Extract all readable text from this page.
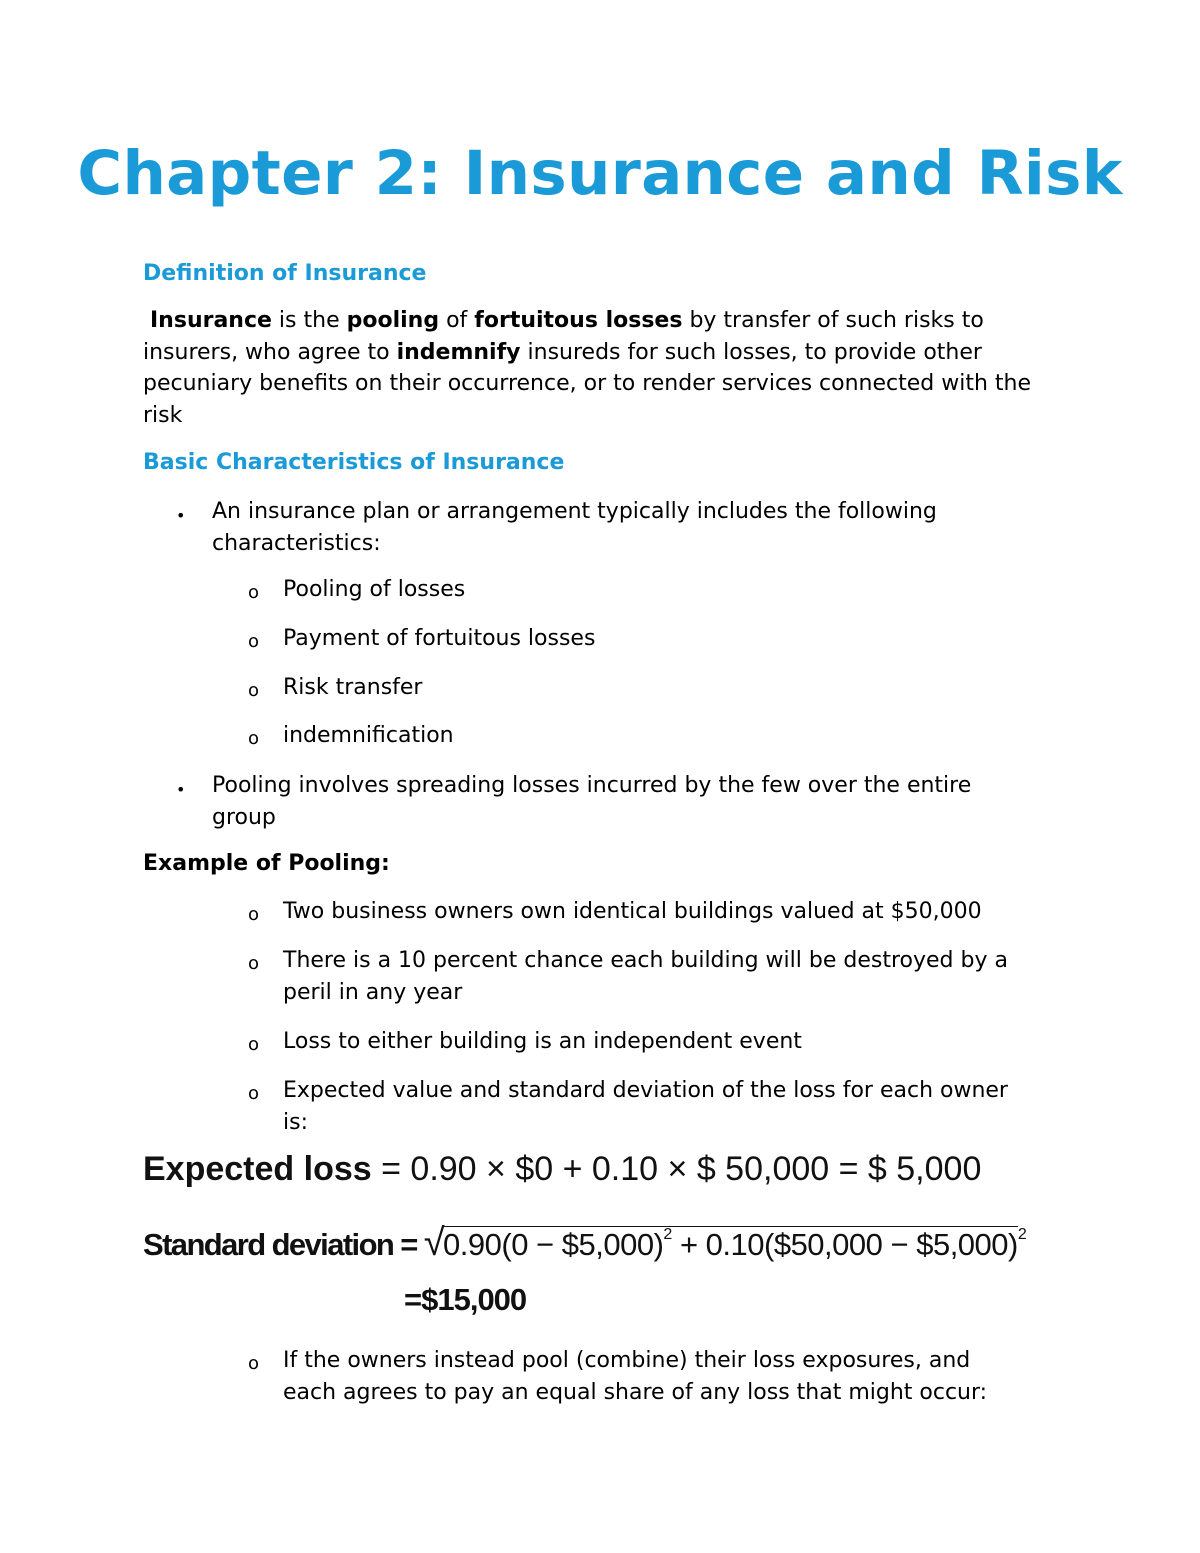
Chapter 2: Insurance and Risk
Definition of Insurance
Insurance is the pooling of fortuitous losses by transfer of such risks to insurers, who agree to indemnify insureds for such losses, to provide other pecuniary benefits on their occurrence, or to render services connected with the risk
Basic Characteristics of Insurance
• An insurance plan or arrangement typically includes the following
characteristics:
o Pooling of losses
o Payment of fortuitous losses
o Risk transfer
o indemnification
• Pooling involves spreading losses incurred by the few over the entire
group
Example of Pooling:
o Two business owners own identical buildings valued at $50,000
o There is a 10 percent chance each building will be destroyed by a
peril in any year
o Loss to either building is an independent event
o Expected value and standard deviation of the loss for each owner
is:
Expected loss = 0.90 × $0 + 0.10 × $ 50,000 = $ 5,000
Standard deviation = √0.90(0 − $5,000)$^2$ + 0.10($50,000 − $5,000)$^2$
=$15,000
o If the owners instead pool (combine) their loss exposures, and
each agrees to pay an equal share of any loss that might occur:
